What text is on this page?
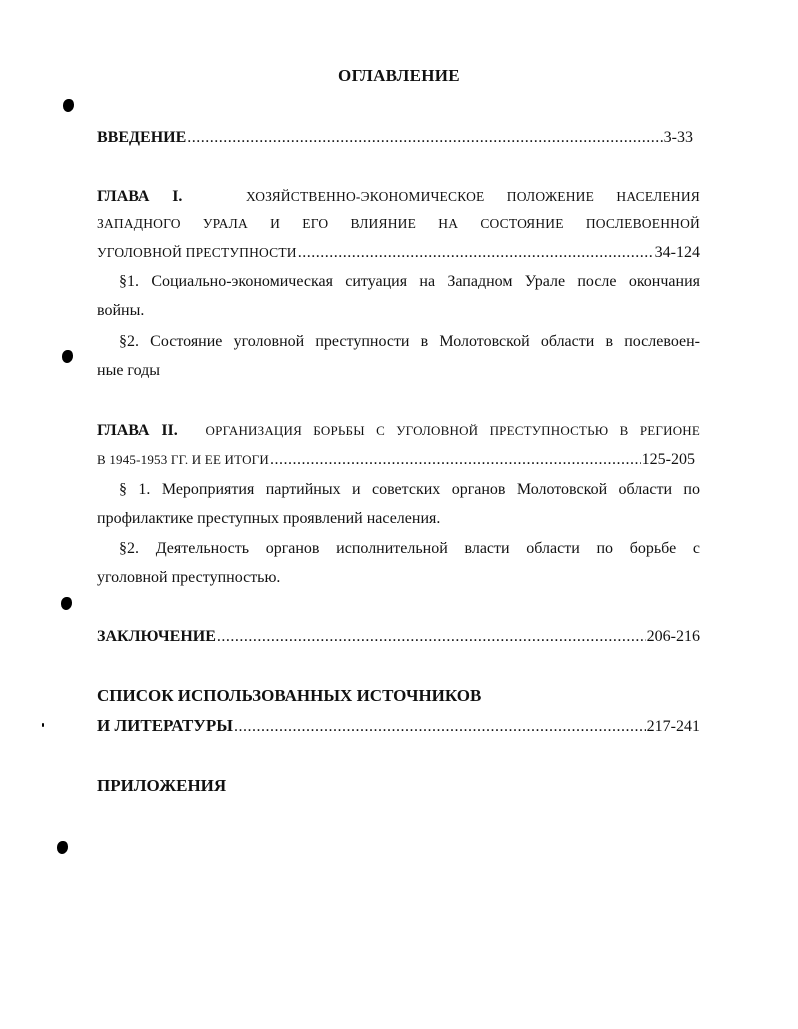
ОГЛАВЛЕНИЕ
ВВЕДЕНИЕ .....	3-33
ГЛАВА I.	ХОЗЯЙСТВЕННО-ЭКОНОМИЧЕСКОЕ ПОЛОЖЕНИЕ НАСЕЛЕНИЯ
ЗАПАДНОГО УРАЛА И ЕГО ВЛИЯНИЕ НА СОСТОЯНИЕ ПОСЛЕВОЕННОЙ
УГОЛОВНОЙ ПРЕСТУПНОСТИ .....	34-124
§1. Социально-экономическая ситуация на Западном Урале после окончания
войны.
§2. Состояние уголовной преступности в Молотовской области в послевоен-
ные годы
ГЛАВА II. ОРГАНИЗАЦИЯ БОРЬБЫ С УГОЛОВНОЙ ПРЕСТУПНОСТЬЮ В РЕГИОНЕ
В 1945-1953 ГГ. И ЕЕ ИТОГИ .....	125-205
§ 1. Мероприятия партийных и советских органов Молотовской области по
профилактике преступных проявлений населения.
§2. Деятельность органов исполнительной власти области по борьбе с
уголовной преступностью.
ЗАКЛЮЧЕНИЕ .....	206-216
СПИСОК ИСПОЛЬЗОВАННЫХ ИСТОЧНИКОВ
И ЛИТЕРАТУРЫ .....	217-241
ПРИЛОЖЕНИЯ
